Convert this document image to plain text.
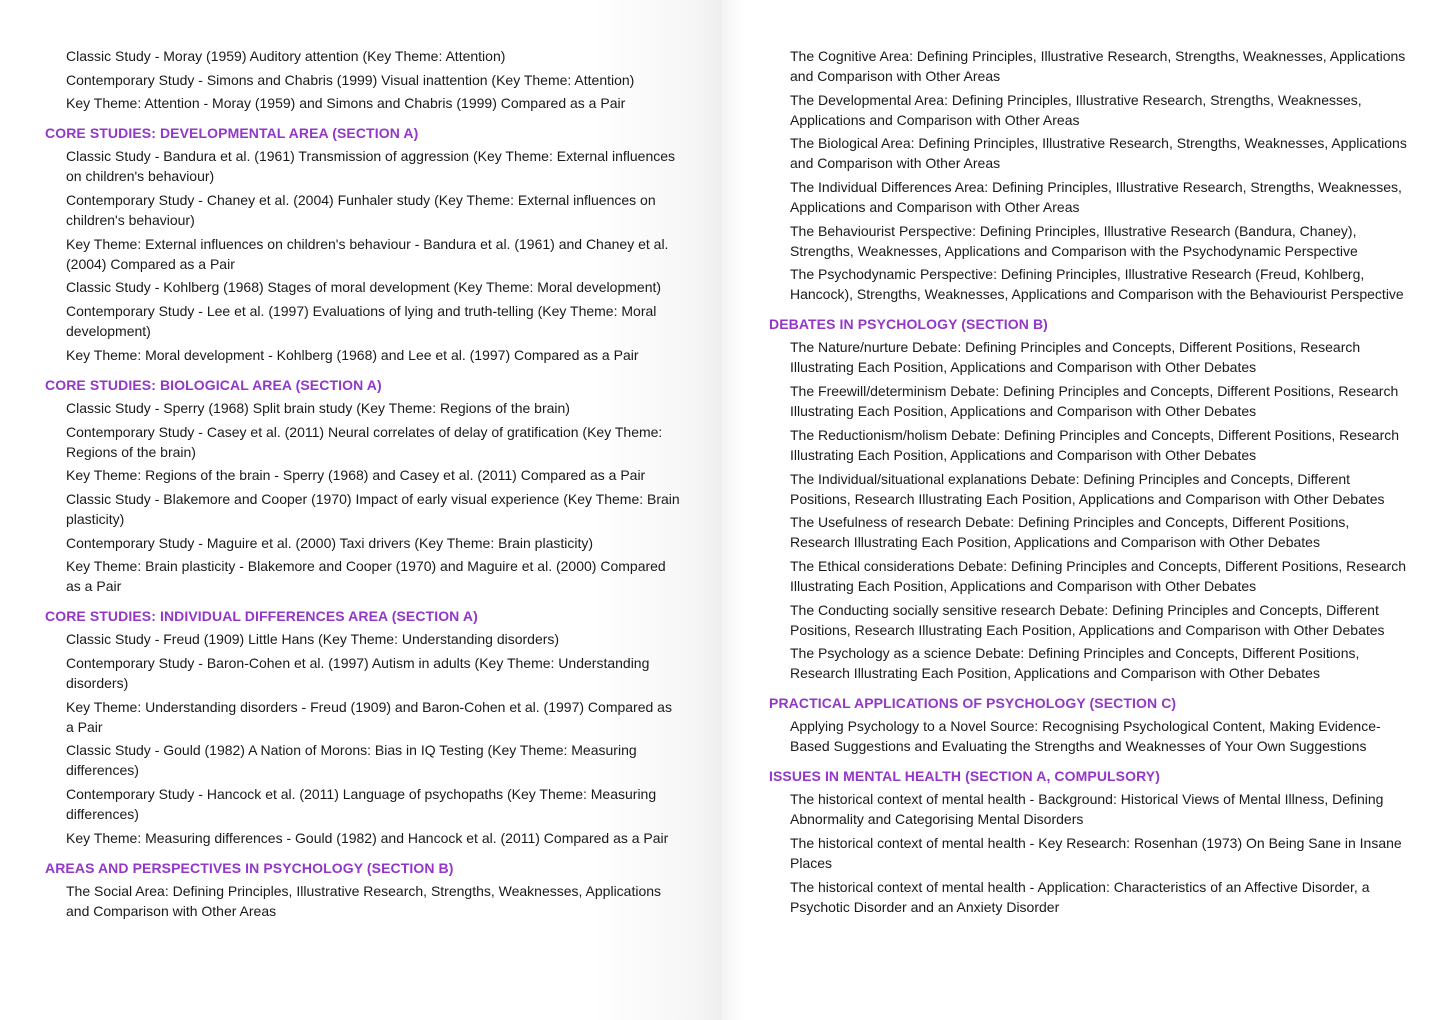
Classic Study - Moray (1959) Auditory attention (Key Theme: Attention)
Contemporary Study - Simons and Chabris (1999) Visual inattention (Key Theme: Attention)
Key Theme: Attention - Moray (1959) and Simons and Chabris (1999) Compared as a Pair
CORE STUDIES: DEVELOPMENTAL AREA (SECTION A)
Classic Study - Bandura et al. (1961) Transmission of aggression (Key Theme: External influences on children's behaviour)
Contemporary Study - Chaney et al. (2004) Funhaler study (Key Theme: External influences on children's behaviour)
Key Theme: External influences on children's behaviour - Bandura et al. (1961) and Chaney et al. (2004) Compared as a Pair
Classic Study - Kohlberg (1968) Stages of moral development (Key Theme: Moral development)
Contemporary Study - Lee et al. (1997) Evaluations of lying and truth-telling (Key Theme: Moral development)
Key Theme: Moral development - Kohlberg (1968) and Lee et al. (1997) Compared as a Pair
CORE STUDIES: BIOLOGICAL AREA (SECTION A)
Classic Study - Sperry (1968) Split brain study (Key Theme: Regions of the brain)
Contemporary Study - Casey et al. (2011) Neural correlates of delay of gratification (Key Theme: Regions of the brain)
Key Theme: Regions of the brain - Sperry (1968) and Casey et al. (2011) Compared as a Pair
Classic Study - Blakemore and Cooper (1970) Impact of early visual experience (Key Theme: Brain plasticity)
Contemporary Study - Maguire et al. (2000) Taxi drivers (Key Theme: Brain plasticity)
Key Theme: Brain plasticity - Blakemore and Cooper (1970) and Maguire et al. (2000) Compared as a Pair
CORE STUDIES: INDIVIDUAL DIFFERENCES AREA (SECTION A)
Classic Study - Freud (1909) Little Hans (Key Theme: Understanding disorders)
Contemporary Study - Baron-Cohen et al. (1997) Autism in adults (Key Theme: Understanding disorders)
Key Theme: Understanding disorders - Freud (1909) and Baron-Cohen et al. (1997) Compared as a Pair
Classic Study - Gould (1982) A Nation of Morons: Bias in IQ Testing (Key Theme: Measuring differences)
Contemporary Study - Hancock et al. (2011) Language of psychopaths (Key Theme: Measuring differences)
Key Theme: Measuring differences - Gould (1982) and Hancock et al. (2011) Compared as a Pair
AREAS AND PERSPECTIVES IN PSYCHOLOGY (SECTION B)
The Social Area: Defining Principles, Illustrative Research, Strengths, Weaknesses, Applications and Comparison with Other Areas
The Cognitive Area: Defining Principles, Illustrative Research, Strengths, Weaknesses, Applications and Comparison with Other Areas
The Developmental Area: Defining Principles, Illustrative Research, Strengths, Weaknesses, Applications and Comparison with Other Areas
The Biological Area: Defining Principles, Illustrative Research, Strengths, Weaknesses, Applications and Comparison with Other Areas
The Individual Differences Area: Defining Principles, Illustrative Research, Strengths, Weaknesses, Applications and Comparison with Other Areas
The Behaviourist Perspective: Defining Principles, Illustrative Research (Bandura, Chaney), Strengths, Weaknesses, Applications and Comparison with the Psychodynamic Perspective
The Psychodynamic Perspective: Defining Principles, Illustrative Research (Freud, Kohlberg, Hancock), Strengths, Weaknesses, Applications and Comparison with the Behaviourist Perspective
DEBATES IN PSYCHOLOGY (SECTION B)
The Nature/nurture Debate: Defining Principles and Concepts, Different Positions, Research Illustrating Each Position, Applications and Comparison with Other Debates
The Freewill/determinism Debate: Defining Principles and Concepts, Different Positions, Research Illustrating Each Position, Applications and Comparison with Other Debates
The Reductionism/holism Debate: Defining Principles and Concepts, Different Positions, Research Illustrating Each Position, Applications and Comparison with Other Debates
The Individual/situational explanations Debate: Defining Principles and Concepts, Different Positions, Research Illustrating Each Position, Applications and Comparison with Other Debates
The Usefulness of research Debate: Defining Principles and Concepts, Different Positions, Research Illustrating Each Position, Applications and Comparison with Other Debates
The Ethical considerations Debate: Defining Principles and Concepts, Different Positions, Research Illustrating Each Position, Applications and Comparison with Other Debates
The Conducting socially sensitive research Debate: Defining Principles and Concepts, Different Positions, Research Illustrating Each Position, Applications and Comparison with Other Debates
The Psychology as a science Debate: Defining Principles and Concepts, Different Positions, Research Illustrating Each Position, Applications and Comparison with Other Debates
PRACTICAL APPLICATIONS OF PSYCHOLOGY (SECTION C)
Applying Psychology to a Novel Source: Recognising Psychological Content, Making Evidence-Based Suggestions and Evaluating the Strengths and Weaknesses of Your Own Suggestions
ISSUES IN MENTAL HEALTH (SECTION A, COMPULSORY)
The historical context of mental health - Background: Historical Views of Mental Illness, Defining Abnormality and Categorising Mental Disorders
The historical context of mental health - Key Research: Rosenhan (1973) On Being Sane in Insane Places
The historical context of mental health - Application: Characteristics of an Affective Disorder, a Psychotic Disorder and an Anxiety Disorder
